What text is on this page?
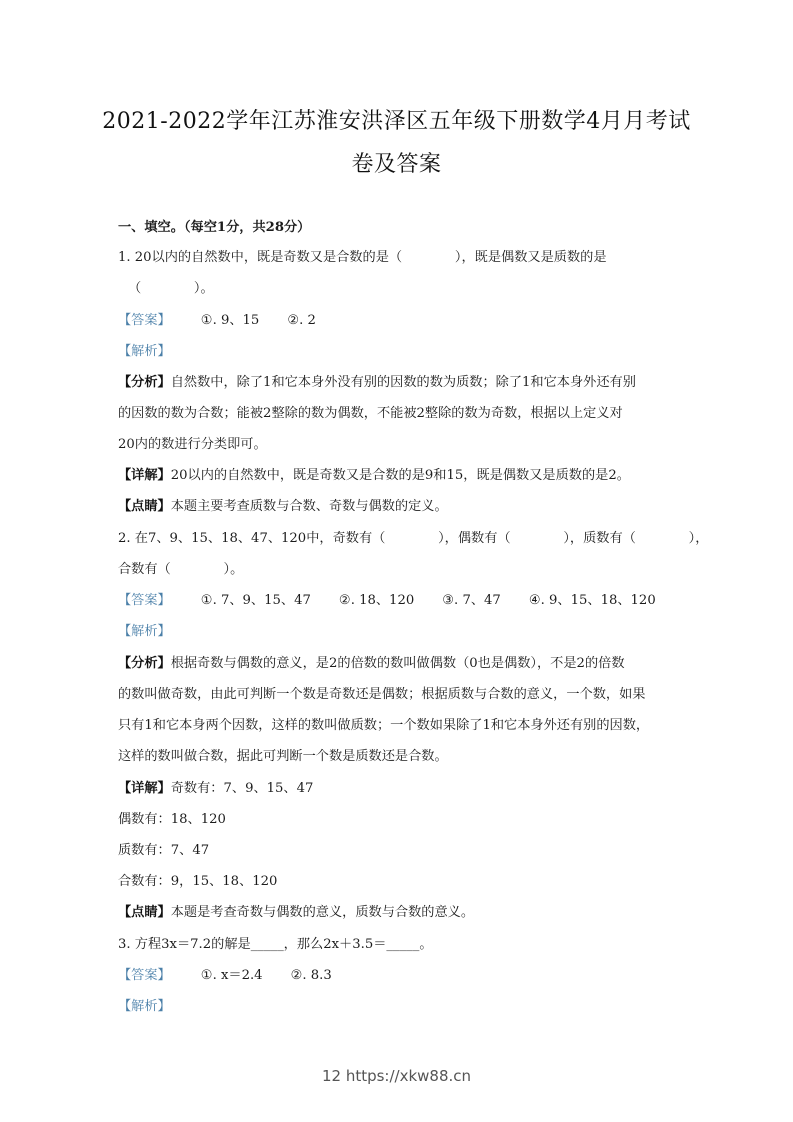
2021-2022学年江苏淮安洪泽区五年级下册数学4月月考试
卷及答案
一、填空。（每空1分，共28分）
1. 20以内的自然数中，既是奇数又是合数的是（　　　　），既是偶数又是质数的是
（　　　　）。
【答案】 ①. 9、15 ②. 2
【解析】
【分析】自然数中，除了1和它本身外没有别的因数的数为质数；除了1和它本身外还有别
的因数的数为合数；能被2整除的数为偶数，不能被2整除的数为奇数，根据以上定义对
20内的数进行分类即可。
【详解】20以内的自然数中，既是奇数又是合数的是9和15，既是偶数又是质数的是2。
【点睛】本题主要考查质数与合数、奇数与偶数的定义。
2. 在7、9、15、18、47、120中，奇数有（　　　　），偶数有（　　　　），质数有（　　　　），
合数有（　　　　）。
【答案】 ①. 7、9、15、47 ②. 18、120 ③. 7、47 ④. 9、15、18、120
【解析】
【分析】根据奇数与偶数的意义，是2的倍数的数叫做偶数（0也是偶数），不是2的倍数
的数叫做奇数，由此可判断一个数是奇数还是偶数；根据质数与合数的意义，一个数，如果
只有1和它本身两个因数，这样的数叫做质数；一个数如果除了1和它本身外还有别的因数，
这样的数叫做合数，据此可判断一个数是质数还是合数。
【详解】奇数有：7、9、15、47
偶数有：18、120
质数有：7、47
合数有：9，15、18、120
【点睛】本题是考查奇数与偶数的意义，质数与合数的意义。
3. 方程3x＝7.2的解是_____，那么2x＋3.5＝_____。
【答案】 ①. x＝2.4 ②. 8.3
【解析】
12 https://xkw88.cn
